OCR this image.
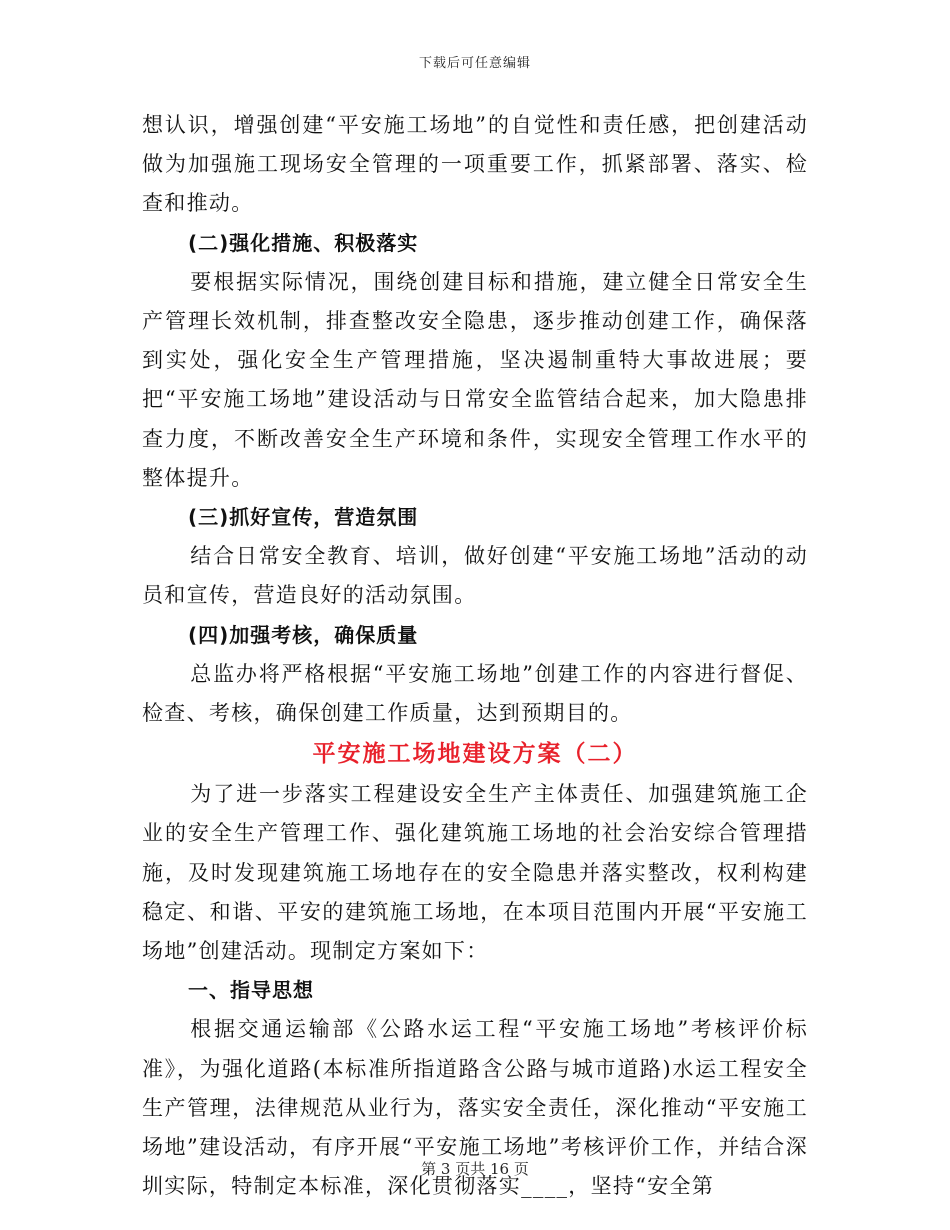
下载后可任意编辑

想认识，增强创建“平安施工场地”的自觉性和责任感，把创建活动做为加强施工现场安全管理的一项重要工作，抓紧部署、落实、检查和推动。

(二)强化措施、积极落实

要根据实际情况，围绕创建目标和措施，建立健全日常安全生产管理长效机制，排查整改安全隐患，逐步推动创建工作，确保落到实处，强化安全生产管理措施，坚决遏制重特大事故进展；要把“平安施工场地”建设活动与日常安全监管结合起来，加大隐患排查力度，不断改善安全生产环境和条件，实现安全管理工作水平的整体提升。

(三)抓好宣传，营造氛围

结合日常安全教育、培训，做好创建“平安施工场地”活动的动员和宣传，营造良好的活动氛围。

(四)加强考核，确保质量

总监办将严格根据“平安施工场地”创建工作的内容进行督促、检查、考核，确保创建工作质量，达到预期目的。

平安施工场地建设方案（二）

为了进一步落实工程建设安全生产主体责任、加强建筑施工企业的安全生产管理工作、强化建筑施工场地的社会治安综合管理措施，及时发现建筑施工场地存在的安全隐患并落实整改，权利构建稳定、和谐、平安的建筑施工场地，在本项目范围内开展“平安施工场地”创建活动。现制定方案如下：

一、指导思想

根据交通运输部《公路水运工程“平安施工场地”考核评价标准》，为强化道路(本标准所指道路含公路与城市道路)水运工程安全生产管理，法律规范从业行为，落实安全责任，深化推动“平安施工场地”建设活动，有序开展“平安施工场地”考核评价工作，并结合深圳实际，特制定本标准，深化贯彻落实____，坚持“安全第

第 3 页共 16 页
